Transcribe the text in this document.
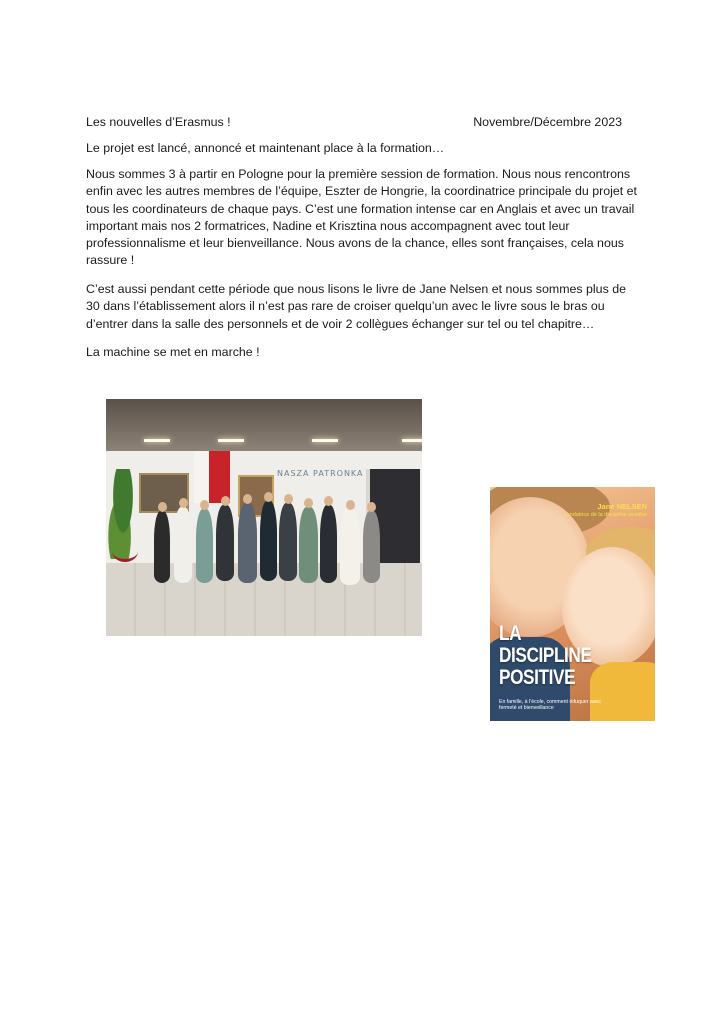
Les nouvelles d’Erasmus !	Novembre/Décembre 2023

Le projet est lancé, annoncé et maintenant place à la formation…

Nous sommes 3 à partir en Pologne pour la première session de formation. Nous nous rencontrons enfin avec les autres membres de l’équipe, Eszter de Hongrie, la coordinatrice principale du projet et tous les coordinateurs de chaque pays. C’est une formation intense car en Anglais et avec un travail important mais nos 2 formatrices, Nadine et Krisztina nous accompagnent avec tout leur professionnalisme et leur bienveillance. Nous avons de la chance, elles sont françaises, cela nous rassure !

C’est aussi pendant cette période que nous lisons le livre de Jane Nelsen et nous sommes plus de 30 dans l’établissement alors il n’est pas rare de croiser quelqu’un avec le livre sous le bras ou d’entrer dans la salle des personnels et de voir 2 collègues échanger sur tel ou tel chapitre…

La machine se met en marche !

NASZA PATRONKA
Jane NELSEN
fondatrice de la discipline positive
LA
DISCIPLINE
POSITIVE
En famille, à l’école, comment éduquer avec fermeté et bienveillance
